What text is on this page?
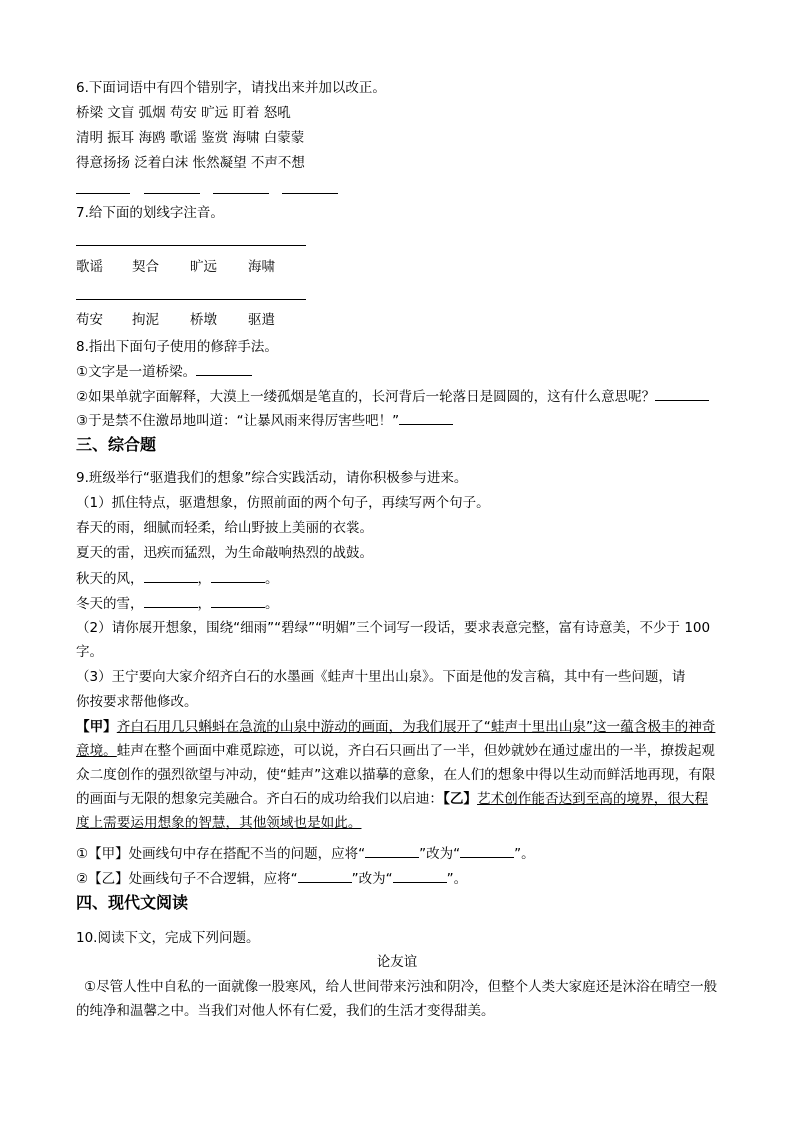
6.下面词语中有四个错别字，请找出来并加以改正。
桥梁 文盲 弧烟 苟安 旷远 盯着 怒吼
清明 振耳 海鸥 歌谣 鉴赏 海啸 白蒙蒙
得意扬扬 泛着白沫 怅然凝望 不声不想
7.给下面的划线字注音。
歌谣 契合 旷远 海啸
苟安 拘泥 桥墩 驱遣
8.指出下面句子使用的修辞手法。
①文字是一道桥梁。
②如果单就字面解释，大漠上一缕孤烟是笔直的，长河背后一轮落日是圆圆的，这有什么意思呢？
③于是禁不住激昂地叫道：“让暴风雨来得厉害些吧！”
三、综合题
9.班级举行“驱遣我们的想象”综合实践活动，请你积极参与进来。
（1）抓住特点，驱遣想象，仿照前面的两个句子，再续写两个句子。
春天的雨，细腻而轻柔，给山野披上美丽的衣裳。
夏天的雷，迅疾而猛烈，为生命敲响热烈的战鼓。
秋天的风，	，	。
冬天的雪，	，	。
（2）请你展开想象，围绕“细雨”“碧绿”“明媚”三个词写一段话，要求表意完整，富有诗意美，不少于 100
字。
（3）王宁要向大家介绍齐白石的水墨画《蛙声十里出山泉》。下面是他的发言稿，其中有一些问题，请
你按要求帮他修改。
【甲】齐白石用几只蝌蚪在急流的山泉中游动的画面，为我们展开了“蛙声十里出山泉”这一蕴含极丰的神奇意境。蛙声在整个画面中难觅踪迹，可以说，齐白石只画出了一半，但妙就妙在通过虚出的一半，撩拨起观众二度创作的强烈欲望与冲动，使“蛙声”这难以描摹的意象，在人们的想象中得以生动而鲜活地再现，有限的画面与无限的想象完美融合。齐白石的成功给我们以启迪：【乙】艺术创作能否达到至高的境界，很大程度上需要运用想象的智慧，其他领域也是如此。
①【甲】处画线句中存在搭配不当的问题，应将“	”改为“	”。
②【乙】处画线句子不合逻辑，应将“	”改为“	”。
四、现代文阅读
10.阅读下文，完成下列问题。
论友谊
①尽管人性中自私的一面就像一股寒风，给人世间带来污浊和阴冷，但整个人类大家庭还是沐浴在晴空一般的纯净和温馨之中。当我们对他人怀有仁爱，我们的生活才变得甜美。
